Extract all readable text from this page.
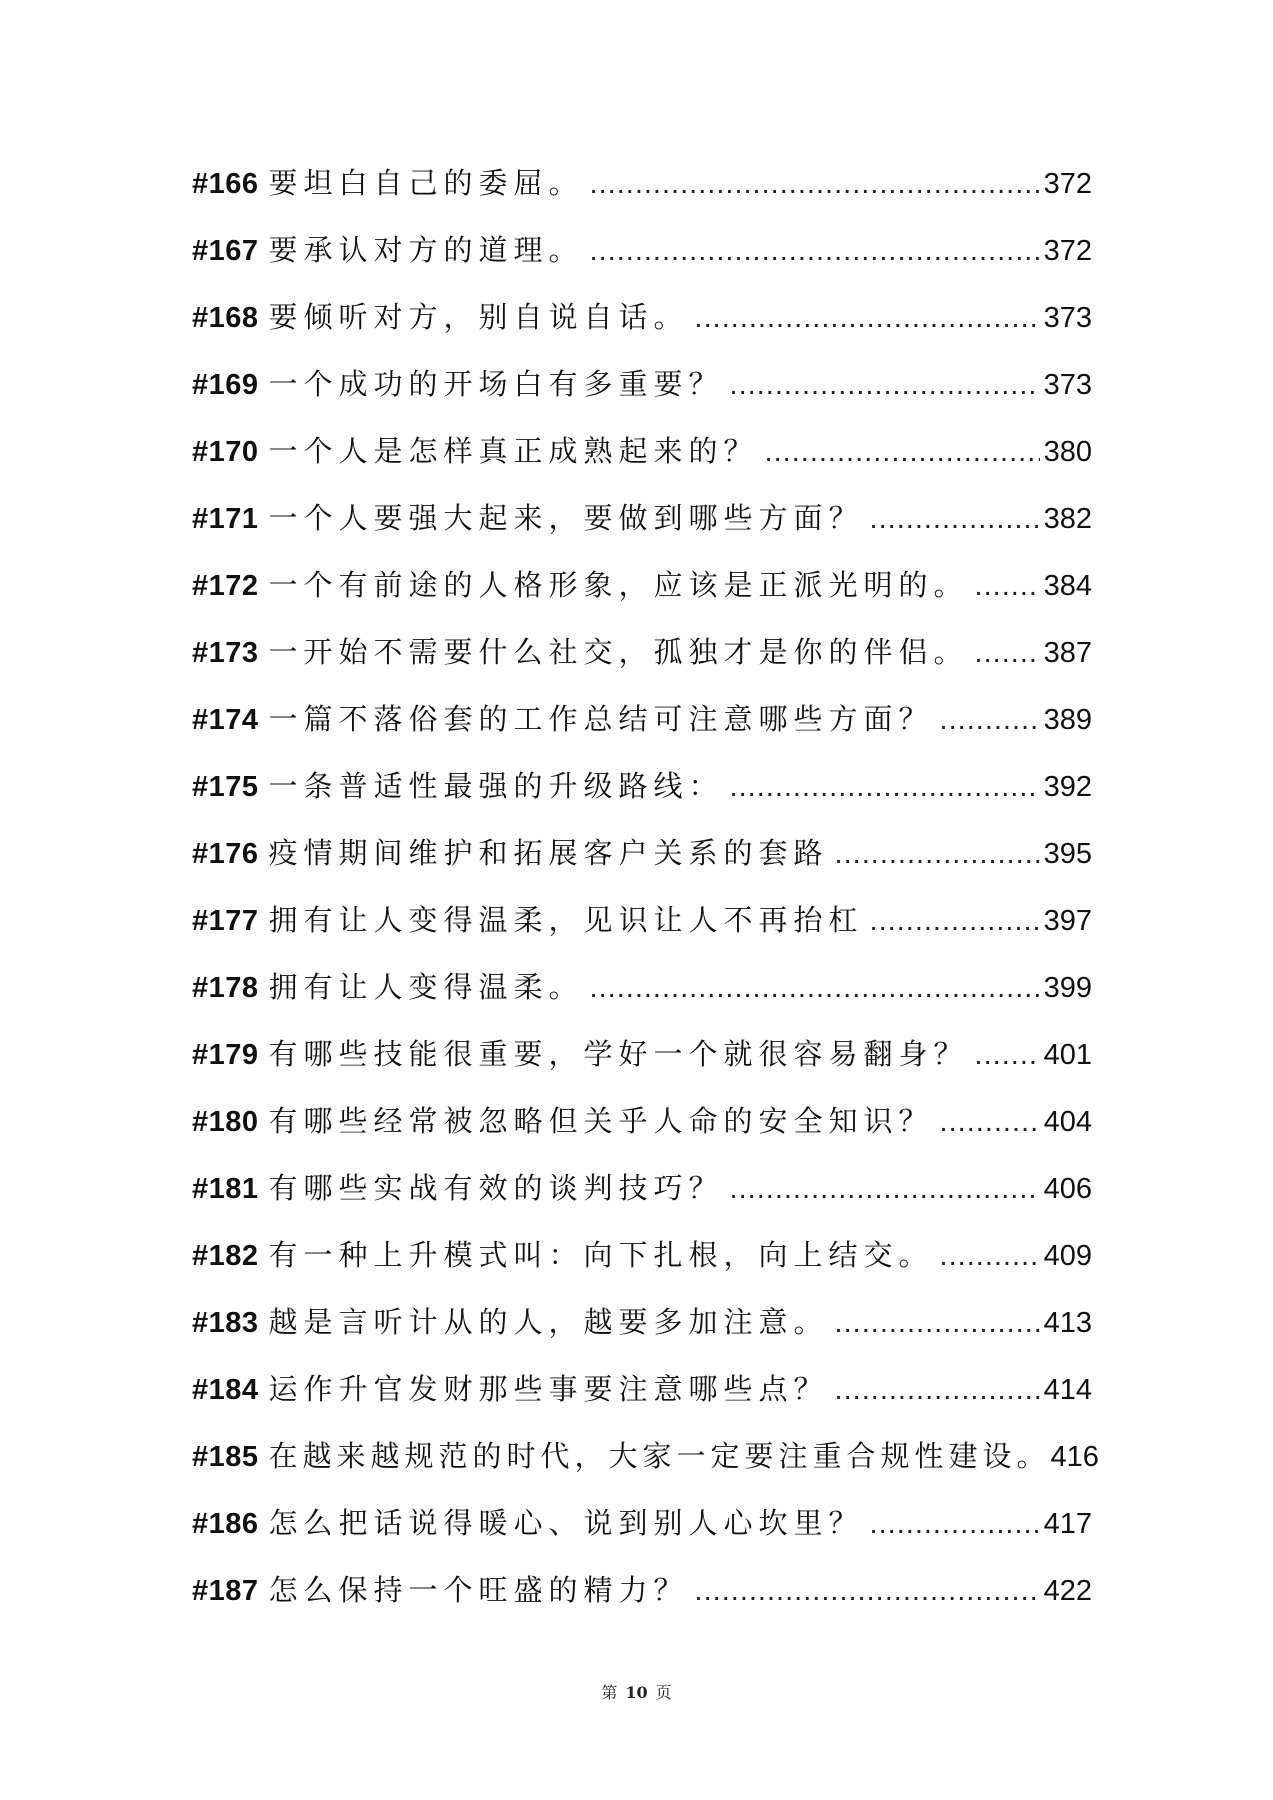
#166 要坦白自己的委屈。 .....	372
#167 要承认对方的道理。 .....	372
#168 要倾听对方，别自说自话。 .....	373
#169 一个成功的开场白有多重要？ .....	373
#170 一个人是怎样真正成熟起来的？ .....	380
#171 一个人要强大起来，要做到哪些方面？ .....	382
#172 一个有前途的人格形象，应该是正派光明的。 .....	384
#173 一开始不需要什么社交，孤独才是你的伴侣。 .....	387
#174 一篇不落俗套的工作总结可注意哪些方面？ .....	389
#175 一条普适性最强的升级路线： .....	392
#176 疫情期间维护和拓展客户关系的套路 .....	395
#177 拥有让人变得温柔，见识让人不再抬杠 .....	397
#178 拥有让人变得温柔。 .....	399
#179 有哪些技能很重要，学好一个就很容易翻身？ .....	401
#180 有哪些经常被忽略但关乎人命的安全知识？ .....	404
#181 有哪些实战有效的谈判技巧？ .....	406
#182 有一种上升模式叫：向下扎根，向上结交。 .....	409
#183 越是言听计从的人，越要多加注意。 .....	413
#184 运作升官发财那些事要注意哪些点？ .....	414
#185 在越来越规范的时代，大家一定要注重合规性建设。 416
#186 怎么把话说得暖心、说到别人心坎里？ .....	417
#187 怎么保持一个旺盛的精力？ .....	422
第 10 页
